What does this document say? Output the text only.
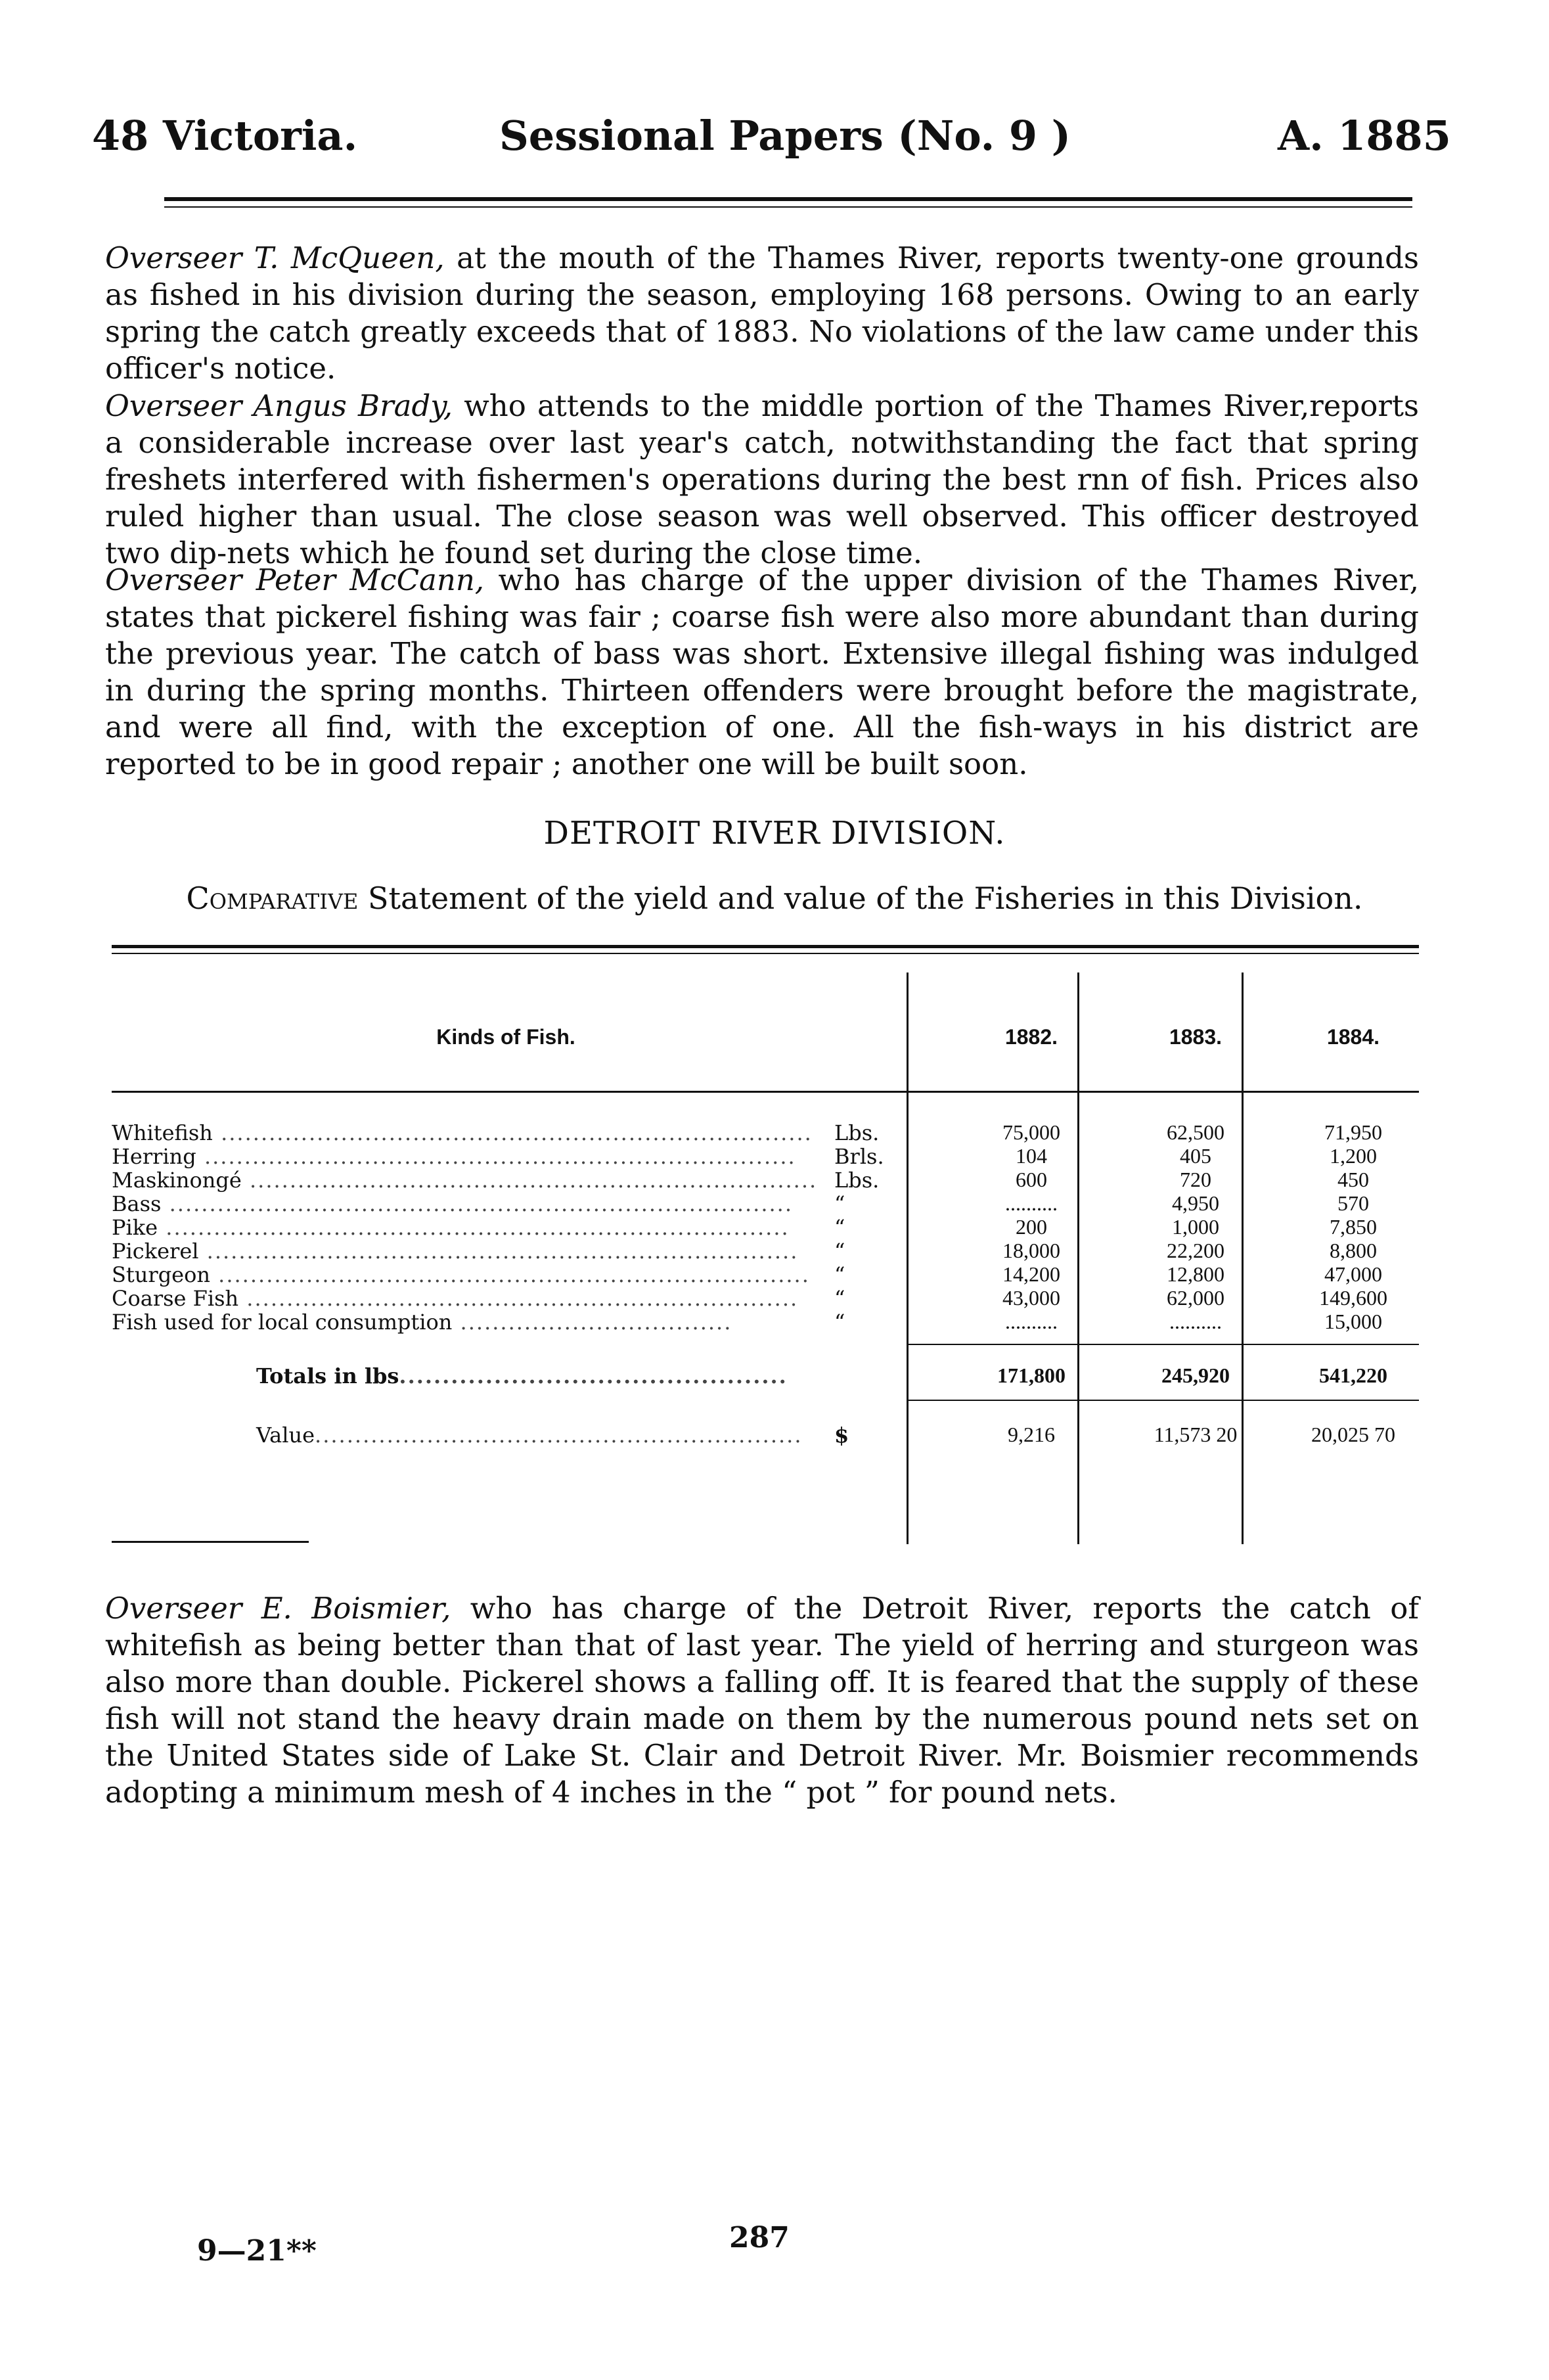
48 Victoria.	Sessional Papers (No. 9 )	A. 1885
Overseer T. McQueen, at the mouth of the Thames River, reports twenty-one grounds as fished in his division during the season, employing 168 persons. Owing to an early spring the catch greatly exceeds that of 1883. No violations of the law came under this officer's notice.
Overseer Angus Brady, who attends to the middle portion of the Thames River,reports a considerable increase over last year's catch, notwithstanding the fact that spring freshets interfered with fishermen's operations during the best rnn of fish. Prices also ruled higher than usual. The close season was well observed. This officer destroyed two dip-nets which he found set during the close time.
Overseer Peter McCann, who has charge of the upper division of the Thames River, states that pickerel fishing was fair ; coarse fish were also more abundant than during the previous year. The catch of bass was short. Extensive illegal fishing was indulged in during the spring months. Thirteen offenders were brought before the magistrate, and were all find, with the exception of one. All the fish-ways in his district are reported to be in good repair ; another one will be built soon.
DETROIT RIVER DIVISION.
Comparative Statement of the yield and value of the Fisheries in this Division.
Kinds of Fish.	1882.	1883.	1884.
Whitefish ..........................................................................	Lbs.	75,000	62,500	71,950
Herring ..........................................................................	Brls.	104	405	1,200
Maskinongé ....................................................................... Lbs.	600	720	450
Bass ..............................................................................	“	..........	4,950	570
Pike ..............................................................................	“	200	1,000	7,850
Pickerel ..........................................................................	“	18,000	22,200	8,800
Sturgeon ..........................................................................	“	14,200	12,800	47,000
Coarse Fish .....................................................................	“	43,000	62,000	149,600
Fish used for local consumption ..................................	“	..........	..........	15,000
Totals in lbs.............................................	171,800	245,920	541,220
Value.............................................................	$	9,216	11,573 20	20,025 70
Overseer E. Boismier, who has charge of the Detroit River, reports the catch of whitefish as being better than that of last year. The yield of herring and sturgeon was also more than double. Pickerel shows a falling off. It is feared that the supply of these fish will not stand the heavy drain made on them by the numerous pound nets set on the United States side of Lake St. Clair and Detroit River. Mr. Boismier recommends adopting a minimum mesh of 4 inches in the “ pot ” for pound nets.
9—21**	287
